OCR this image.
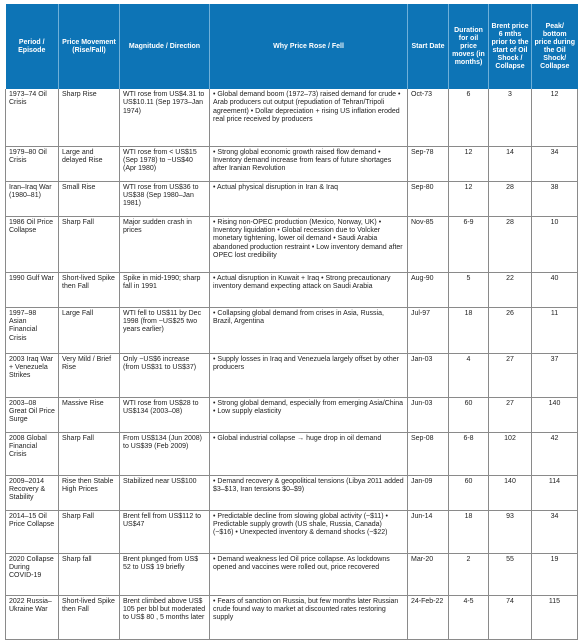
Period / Episode	Price Movement (Rise/Fall)	Magnitude / Direction	Why Price Rose / Fell	Start Date	Duration for oil price moves (in months)	Brent price 6 mths prior to the start of Oil Shock / Collapse	Peak/ bottom price during the Oil Shock/ Collapse
1973–74 Oil Crisis	Sharp Rise	WTI rose from US$4.31 to US$10.11 (Sep 1973–Jan 1974)	• Global demand boom (1972–73) raised demand for crude • Arab producers cut output (repudiation of Tehran/Tripoli agreement) • Dollar depreciation + rising US inflation eroded real price received by producers	Oct-73	6	3	12
1979–80 Oil Crisis	Large and delayed Rise	WTI rose from < US$15 (Sep 1978) to ~US$40 (Apr 1980)	• Strong global economic growth raised flow demand • Inventory demand increase from fears of future shortages after Iranian Revolution	Sep-78	12	14	34
Iran–Iraq War (1980–81)	Small Rise	WTI rose from US$36 to US$38 (Sep 1980–Jan 1981)	• Actual physical disruption in Iran & Iraq	Sep-80	12	28	38
1986 Oil Price Collapse	Sharp Fall	Major sudden crash in prices	• Rising non-OPEC production (Mexico, Norway, UK) • Inventory liquidation • Global recession due to Volcker monetary tightening, lower oil demand • Saudi Arabia abandoned production restraint • Low inventory demand after OPEC lost credibility	Nov-85	6-9	28	10
1990 Gulf War	Short-lived Spike then Fall	Spike in mid-1990; sharp fall in 1991	• Actual disruption in Kuwait + Iraq • Strong precautionary inventory demand expecting attack on Saudi Arabia	Aug-90	5	22	40
1997–98 Asian Financial Crisis	Large Fall	WTI fell to US$11 by Dec 1998 (from ~US$25 two years earlier)	• Collapsing global demand from crises in Asia, Russia, Brazil, Argentina	Jul-97	18	26	11
2003 Iraq War + Venezuela Strikes	Very Mild / Brief Rise	Only ~US$6 increase (from US$31 to US$37)	• Supply losses in Iraq and Venezuela largely offset by other producers	Jan-03	4	27	37
2003–08 Great Oil Price Surge	Massive Rise	WTI rose from US$28 to US$134 (2003–08)	• Strong global demand, especially from emerging Asia/China • Low supply elasticity	Jun-03	60	27	140
2008 Global Financial Crisis	Sharp Fall	From US$134 (Jun 2008) to US$39 (Feb 2009)	• Global industrial collapse → huge drop in oil demand	Sep-08	6-8	102	42
2009–2014 Recovery & Stability	Rise then Stable High Prices	Stabilized near US$100	• Demand recovery & geopolitical tensions (Libya 2011 added $3–$13, Iran tensions $0–$9)	Jan-09	60	140	114
2014–15 Oil Price Collapse	Sharp Fall	Brent fell from US$112 to US$47	• Predictable decline from slowing global activity (~$11) • Predictable supply growth (US shale, Russia, Canada) (~$16) • Unexpected inventory & demand shocks (~$22)	Jun-14	18	93	34
2020 Collapse During COVID-19	Sharp fall	Brent plunged from US$ 52 to US$ 19 briefly	• Demand weakness led Oil price collapse. As lockdowns opened and vaccines were rolled out, price recovered	Mar-20	2	55	19
2022 Russia–Ukraine War	Short-lived Spike then Fall	Brent climbed above US$ 105 per bbl but moderated to US$ 80 , 5 months later	• Fears of sanction on Russia, but few months later Russian crude found way to market at discounted rates restoring supply	24-Feb-22	4-5	74	115
